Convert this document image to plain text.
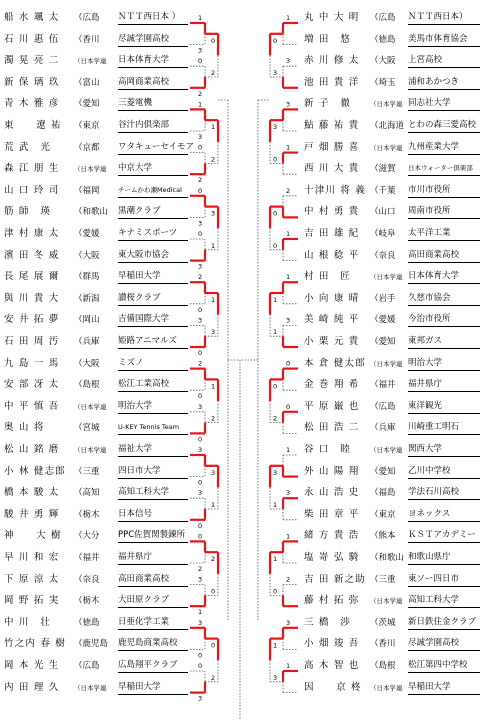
船 水 颯 太	（広島	ＮＴＴ西日本 ）
石 川 惠 伍	（香川	尽誠学園高校
濁 晃 亮 二	（日本学連	日本体育大学
新 保 璃 玖	（富山	高岡商業高校
青 木 雅 彦	（愛知	三菱電機
東　　遼 祐	（東京	谷汁内倶楽部
荒 武　光	（京都	ワタキューセイモア
森 江 朋 生	（日本学連	中京大学
山 口 玲 司	（福岡	チームかわ瀬Medical
筋 師　瑛	（和歌山	黒潮クラブ
津 村 康 太	（愛媛	キナミスポーツ
濱 田 冬 威	（大阪	東大阪市協会
長 尾 展 爾	（群馬	早稲田大学
與 川 貴 大	（新潟	讃桜クラブ
安 井 拓 夢	（岡山	吉備国際大学
石 田 周 汚	（兵庫	姫路アニマルズ
九 島 一 馬	（大阪	ミズノ
安 部 冴 太	（島根	松江工業高校
中 平 慎 吾	（日本学連	明治大学
奥 山 将	（宮城	U-KEY Tennis Team
松 山 銘 磨	（日本学連	福祉大学
小 林 健志郎 （三重	四日市大学
橋 本 駿 太	（高知	高知工科大学
駿 井 勇 輝	（栃木	日本信号
神　　大 樹	（大分	PPC佐賀関製錬所
早 川 和 宏	（福井	福井県庁
下 原 涼 太	（奈良	高田商業高校
岡 野 拓 実	（栃木	大田原クラブ
中 川　壮	（徳島	日亜化学工業
竹之内 春 樹 （鹿児島	鹿児島商業高校
岡 本 光 生	（広島	広島翔平クラブ
内 田 理 久	（日本学連	早稲田大学
丸 中 大 明	（広島	ＮＴＴ西日本）
増 田　悠	（徳島	美馬市体育協会
赤 川 修 太	（大阪	上宮高校
池 田 貴 洋	（埼玉	浦和あかつき
新 子　徹	（日本学連 同志社大学
鮎 藤 祐 貴	（北海道 とわの森三愛高校
戸 畑 勝 喜	（日本学連 九州産業大学
西 川 大 貴	（滋賀	日本ウォーター倶楽部
十津川 将 義 （千葉	市川市役所
中 村 勇 貴	（山口	周南市役所
吉 田 雄 紀	（岐阜	太平洋工業
山 根 稔 平	（奈良	高田商業高校
村 田　匠	（日本学連 日本体育大学
小 向 康 晴	（岩手	久慈市協会
美 崎 純 平	（愛媛	今治市役所
小 栗 元 貴	（愛知	東邦ガス
本 倉 健太郎 （日本学連 明治大学
金 巻 翔 希	（福井	福井県庁
平 原 巌 也	（広島	東洋観光
松 田 浩 二	（兵庫	川崎重工明石
谷 口　睦	（日本学連 関西大学
外 山 陽 翔	（愛知	乙川中学校
永 山 浩 史	（福島	学法石川高校
柴 田 章 平	（東京	ヨネックス
緒 方 貴 浩	（熊本	ＫＳＴアカデミー
塩 嵜 弘 騎	（和歌山 和歌山県庁
吉 田 新之助 （三重	東ソー四日市
藤 村 拓 弥	（日本学連 高知工科大学
三 橋　渉	（茨城	新日鉄住金クラブ
小 畑 竣 吾	（香川	尽誠学園高校
高 木 智 也	（島根	松江第四中学校
因　　京 柊	（日本学連 早稲田大学
1
3
0
2
1
3
0
2
0
3
0
3
2
0
3
0
2
0
3
0
3
0
3
0
0
2
3
1
3
0
0
3
0
2
1
2
3
1
1
3
1
2
3
1
2
0
0
2
1
3
3
1
2
1
1
3
0
0
1
3
1
2
3
1
0
3
3
0
0
0
1
1
0
2
3
1
1
0
1
3
